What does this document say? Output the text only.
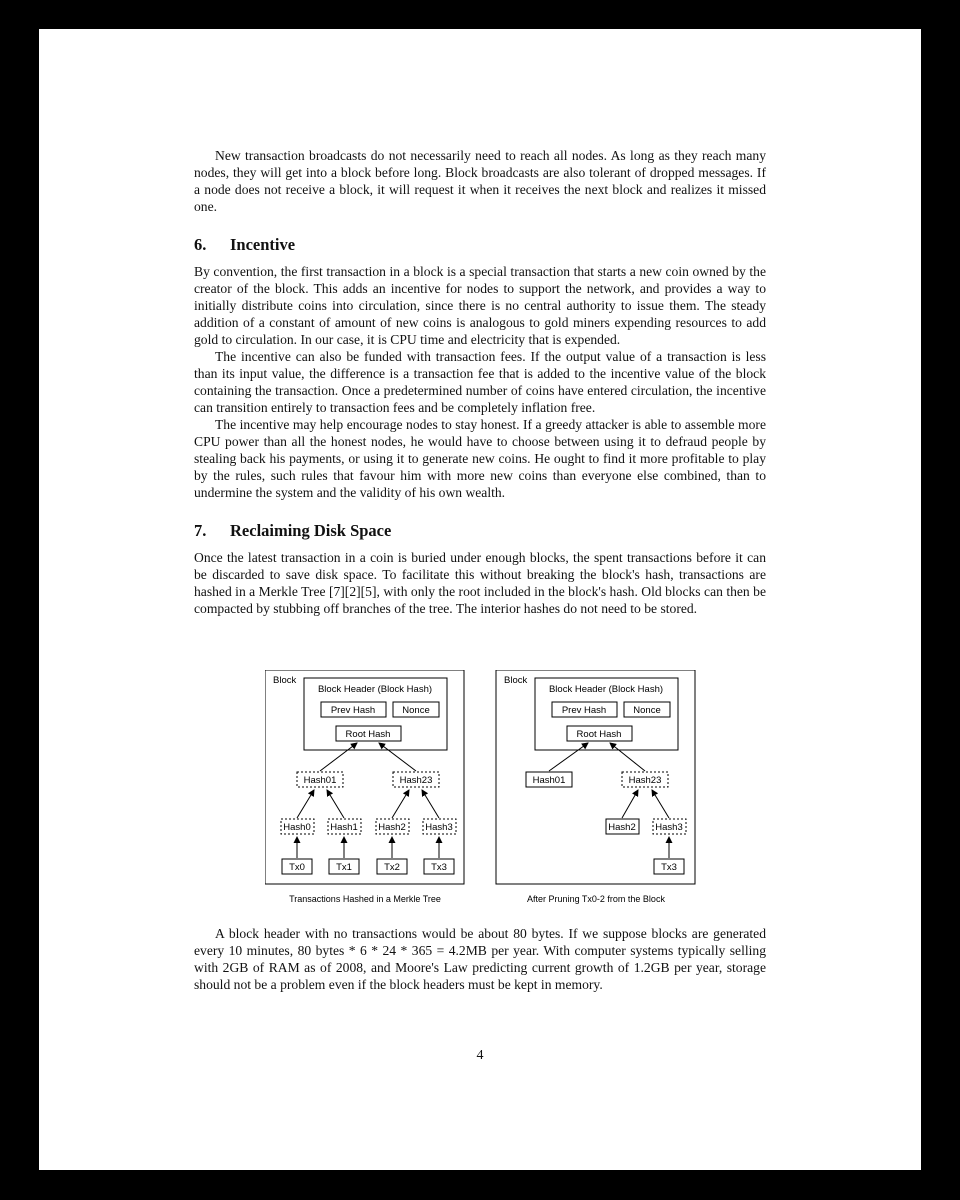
New transaction broadcasts do not necessarily need to reach all nodes. As long as they reach many nodes, they will get into a block before long. Block broadcasts are also tolerant of dropped messages. If a node does not receive a block, it will request it when it receives the next block and realizes it missed one.

6. Incentive

By convention, the first transaction in a block is a special transaction that starts a new coin owned by the creator of the block. This adds an incentive for nodes to support the network, and provides a way to initially distribute coins into circulation, since there is no central authority to issue them. The steady addition of a constant of amount of new coins is analogous to gold miners expending resources to add gold to circulation. In our case, it is CPU time and electricity that is expended.

The incentive can also be funded with transaction fees. If the output value of a transaction is less than its input value, the difference is a transaction fee that is added to the incentive value of the block containing the transaction. Once a predetermined number of coins have entered circulation, the incentive can transition entirely to transaction fees and be completely inflation free.

The incentive may help encourage nodes to stay honest. If a greedy attacker is able to assemble more CPU power than all the honest nodes, he would have to choose between using it to defraud people by stealing back his payments, or using it to generate new coins. He ought to find it more profitable to play by the rules, such rules that favour him with more new coins than everyone else combined, than to undermine the system and the validity of his own wealth.

7. Reclaiming Disk Space

Once the latest transaction in a coin is buried under enough blocks, the spent transactions before it can be discarded to save disk space. To facilitate this without breaking the block's hash, transactions are hashed in a Merkle Tree [7][2][5], with only the root included in the block's hash. Old blocks can then be compacted by stubbing off branches of the tree. The interior hashes do not need to be stored.

Block
Block Header (Block Hash)
Prev Hash	Nonce
Root Hash
Hash01	Hash23
Hash0 Hash1 Hash2 Hash3
Tx0	Tx1	Tx2	Tx3
Transactions Hashed in a Merkle Tree
Block
Block Header (Block Hash)
Prev Hash	Nonce
Root Hash
Hash01	Hash23
Hash2 Hash3
Tx3
After Pruning Tx0-2 from the Block

A block header with no transactions would be about 80 bytes. If we suppose blocks are generated every 10 minutes, 80 bytes * 6 * 24 * 365 = 4.2MB per year. With computer systems typically selling with 2GB of RAM as of 2008, and Moore's Law predicting current growth of 1.2GB per year, storage should not be a problem even if the block headers must be kept in memory.

4
